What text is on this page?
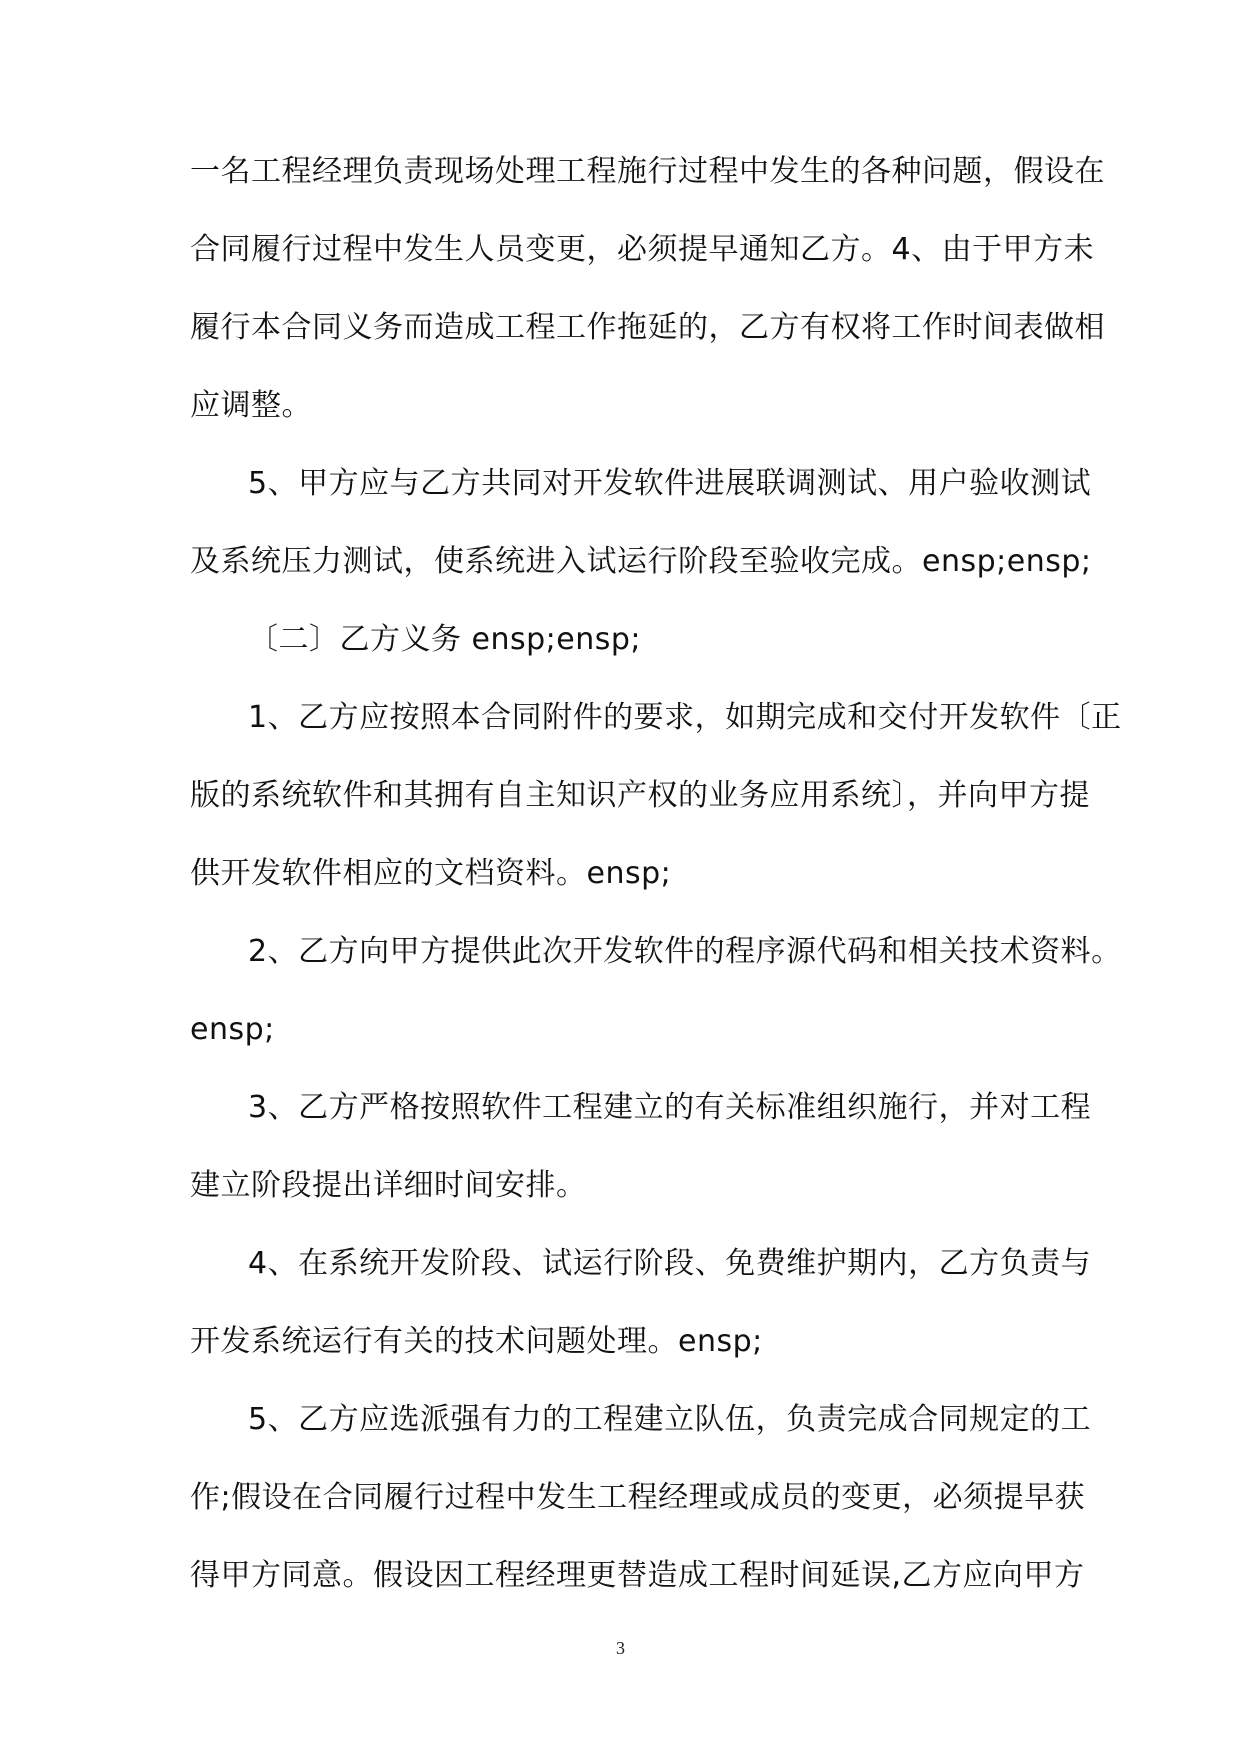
一名工程经理负责现场处理工程施行过程中发生的各种问题，假设在
合同履行过程中发生人员变更，必须提早通知乙方。4、由于甲方未
履行本合同义务而造成工程工作拖延的，乙方有权将工作时间表做相
应调整。
5、甲方应与乙方共同对开发软件进展联调测试、用户验收测试
及系统压力测试，使系统进入试运行阶段至验收完成。ensp;ensp;
〔二〕乙方义务 ensp;ensp;
1、乙方应按照本合同附件的要求，如期完成和交付开发软件〔正
版的系统软件和其拥有自主知识产权的业务应用系统〕，并向甲方提
供开发软件相应的文档资料。ensp;
2、乙方向甲方提供此次开发软件的程序源代码和相关技术资料。
ensp;
3、乙方严格按照软件工程建立的有关标准组织施行，并对工程
建立阶段提出详细时间安排。
4、在系统开发阶段、试运行阶段、免费维护期内，乙方负责与
开发系统运行有关的技术问题处理。ensp;
5、乙方应选派强有力的工程建立队伍，负责完成合同规定的工
作;假设在合同履行过程中发生工程经理或成员的变更，必须提早获
得甲方同意。假设因工程经理更替造成工程时间延误,乙方应向甲方
3
